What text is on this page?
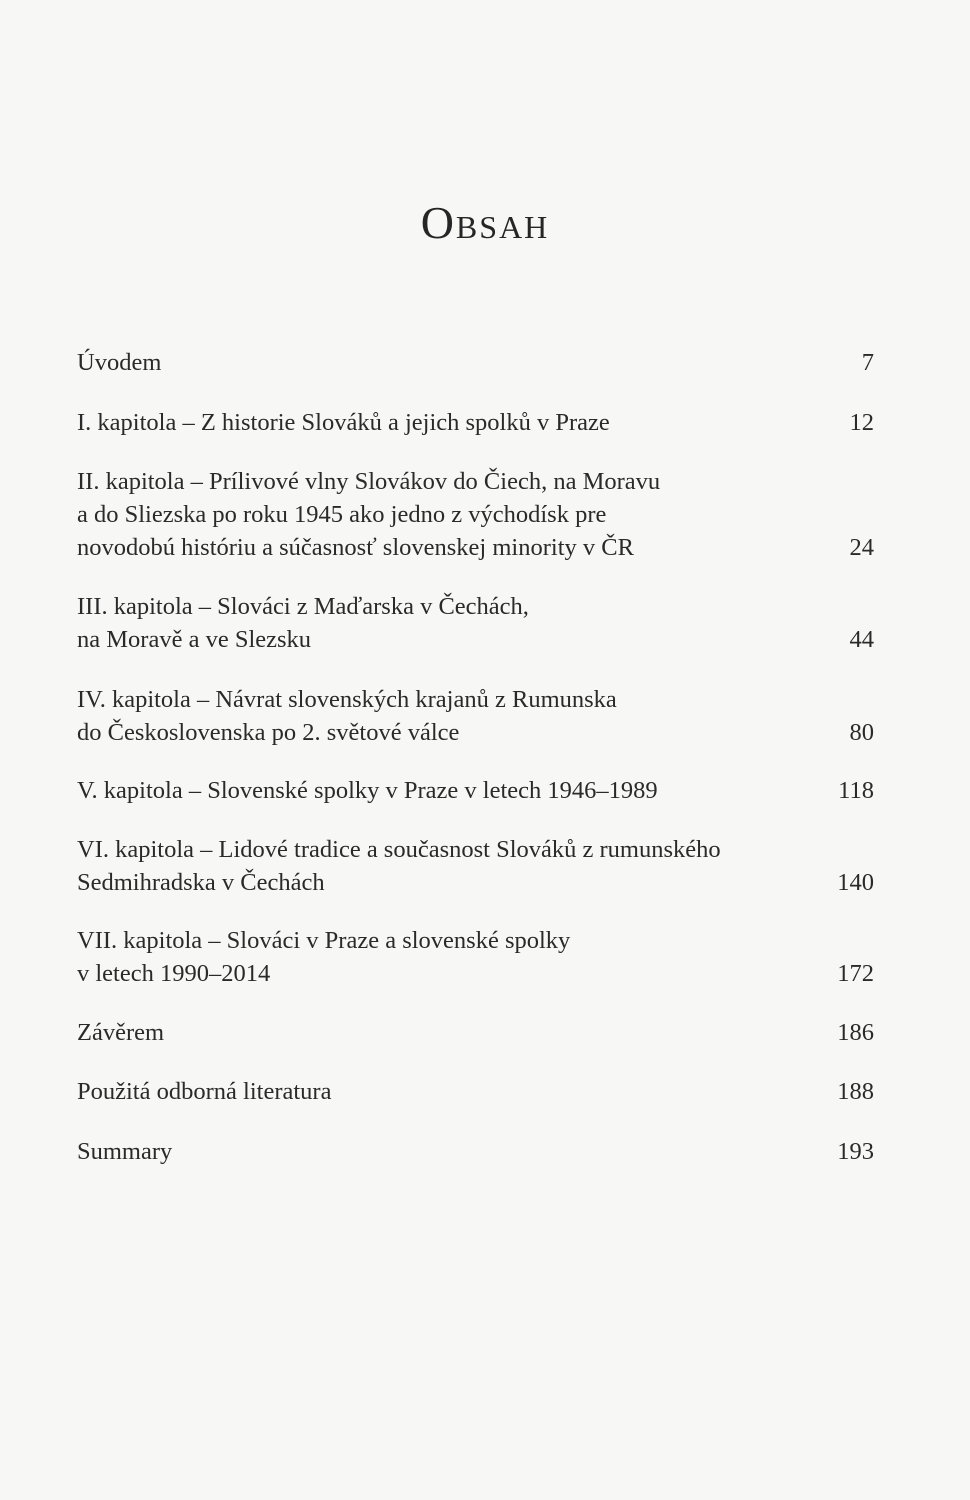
Obsah
Úvodem	7
I. kapitola – Z historie Slováků a jejich spolků v Praze	12
II. kapitola – Prílivové vlny Slovákov do Čiech, na Moravu
a do Sliezska po roku 1945 ako jedno z východísk pre
novodobú históriu a súčasnosť slovenskej minority v ČR	24
III. kapitola – Slováci z Maďarska v Čechách,
na Moravě a ve Slezsku	44
IV. kapitola – Návrat slovenských krajanů z Rumunska
do Československa po 2. světové válce	80
V. kapitola – Slovenské spolky v Praze v letech 1946–1989	118
VI. kapitola – Lidové tradice a současnost Slováků z rumunského
Sedmihradska v Čechách	140
VII. kapitola – Slováci v Praze a slovenské spolky
v letech 1990–2014	172
Závěrem	186
Použitá odborná literatura	188
Summary	193
